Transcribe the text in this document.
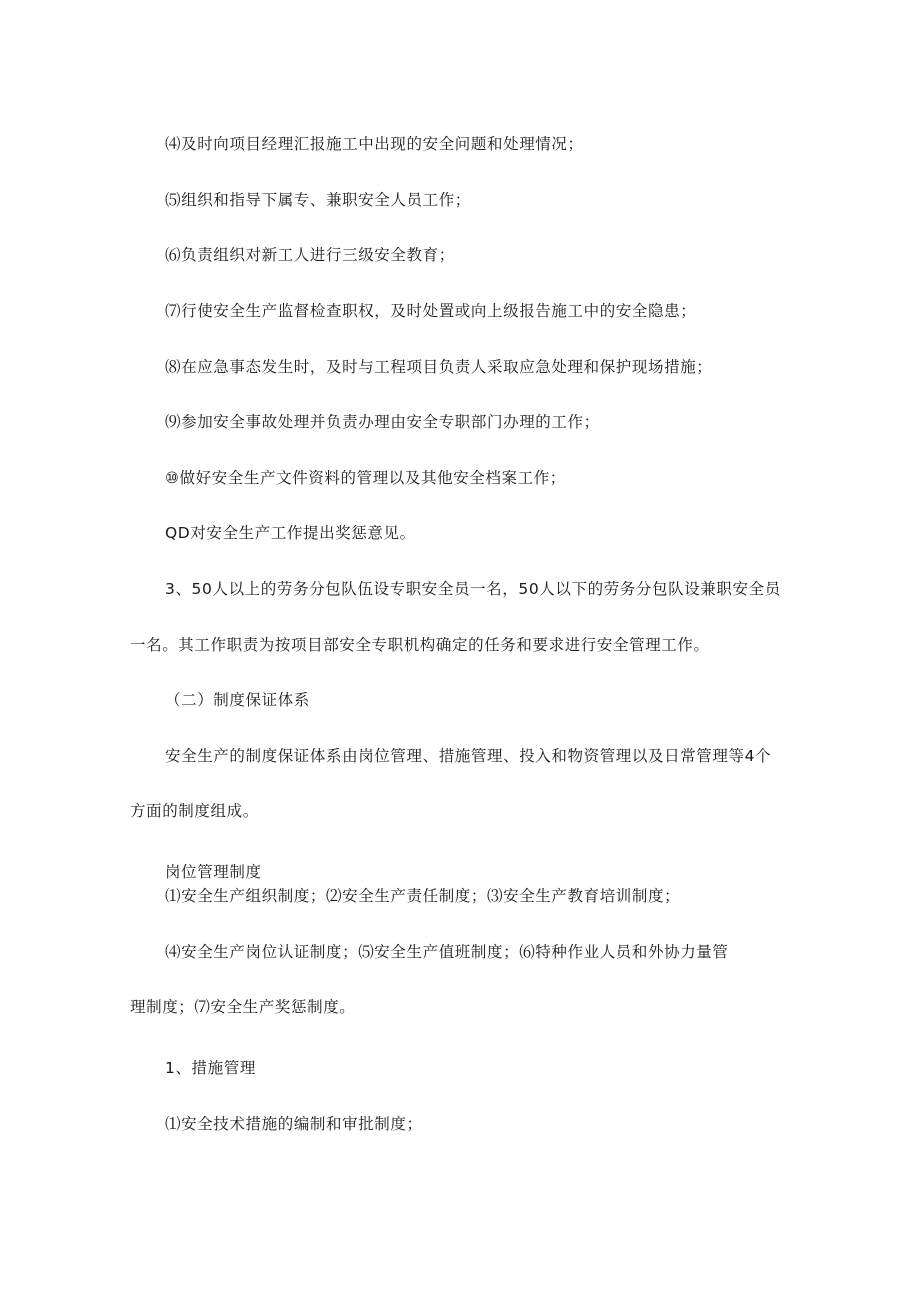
⑷及时向项目经理汇报施工中出现的安全问题和处理情况；
⑸组织和指导下属专、兼职安全人员工作；
⑹负责组织对新工人进行三级安全教育；
⑺行使安全生产监督检查职权，及时处置或向上级报告施工中的安全隐患；
⑻在应急事态发生时，及时与工程项目负责人采取应急处理和保护现场措施；
⑼参加安全事故处理并负责办理由安全专职部门办理的工作；
⑩做好安全生产文件资料的管理以及其他安全档案工作；
QD对安全生产工作提出奖惩意见。
3、50人以上的劳务分包队伍设专职安全员一名，50人以下的劳务分包队设兼职安全员
一名。其工作职责为按项目部安全专职机构确定的任务和要求进行安全管理工作。
（二）制度保证体系
安全生产的制度保证体系由岗位管理、措施管理、投入和物资管理以及日常管理等4个
方面的制度组成。
岗位管理制度
⑴安全生产组织制度；⑵安全生产责任制度；⑶安全生产教育培训制度；
⑷安全生产岗位认证制度；⑸安全生产值班制度；⑹特种作业人员和外协力量管
理制度；⑺安全生产奖惩制度。
1、措施管理
⑴安全技术措施的编制和审批制度；
